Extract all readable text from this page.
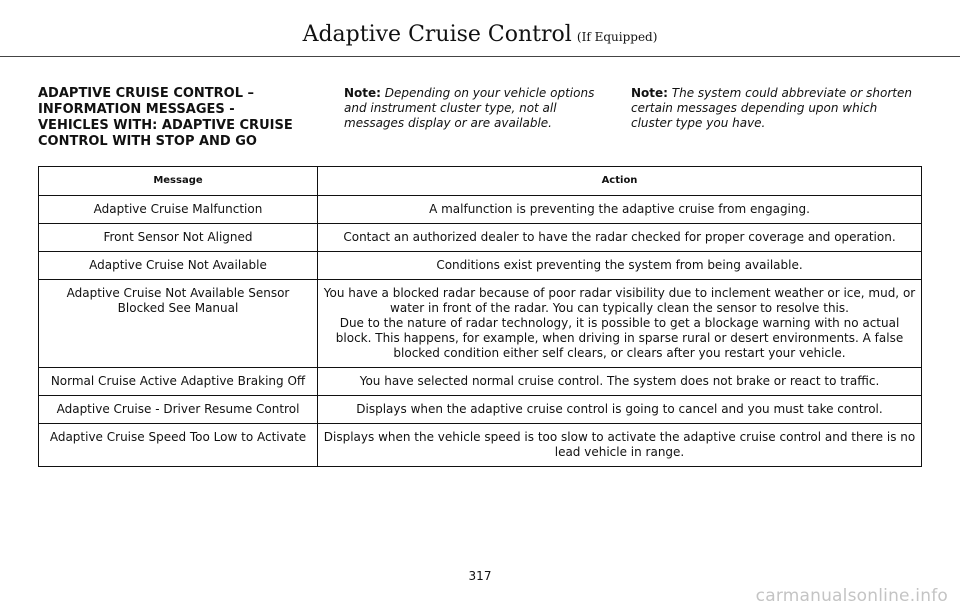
Adaptive Cruise Control (If Equipped)
ADAPTIVE CRUISE CONTROL – INFORMATION MESSAGES - VEHICLES WITH: ADAPTIVE CRUISE CONTROL WITH STOP AND GO
Note: Depending on your vehicle options and instrument cluster type, not all messages display or are available.
Note: The system could abbreviate or shorten certain messages depending upon which cluster type you have.
Message	Action
Adaptive Cruise Malfunction	A malfunction is preventing the adaptive cruise from engaging.
Front Sensor Not Aligned	Contact an authorized dealer to have the radar checked for proper coverage and operation.
Adaptive Cruise Not Available	Conditions exist preventing the system from being available.
Adaptive Cruise Not Available Sensor Blocked See Manual	You have a blocked radar because of poor radar visibility due to inclement weather or ice, mud, or water in front of the radar. You can typically clean the sensor to resolve this.
Due to the nature of radar technology, it is possible to get a blockage warning with no actual block. This happens, for example, when driving in sparse rural or desert environments. A false blocked condition either self clears, or clears after you restart your vehicle.

Normal Cruise Active Adaptive Braking Off	You have selected normal cruise control. The system does not brake or react to traffic.
Adaptive Cruise - Driver Resume Control	Displays when the adaptive cruise control is going to cancel and you must take control.
Adaptive Cruise Speed Too Low to Activate	Displays when the vehicle speed is too slow to activate the adaptive cruise control and there is no lead vehicle in range.
317
carmanualsonline.info
